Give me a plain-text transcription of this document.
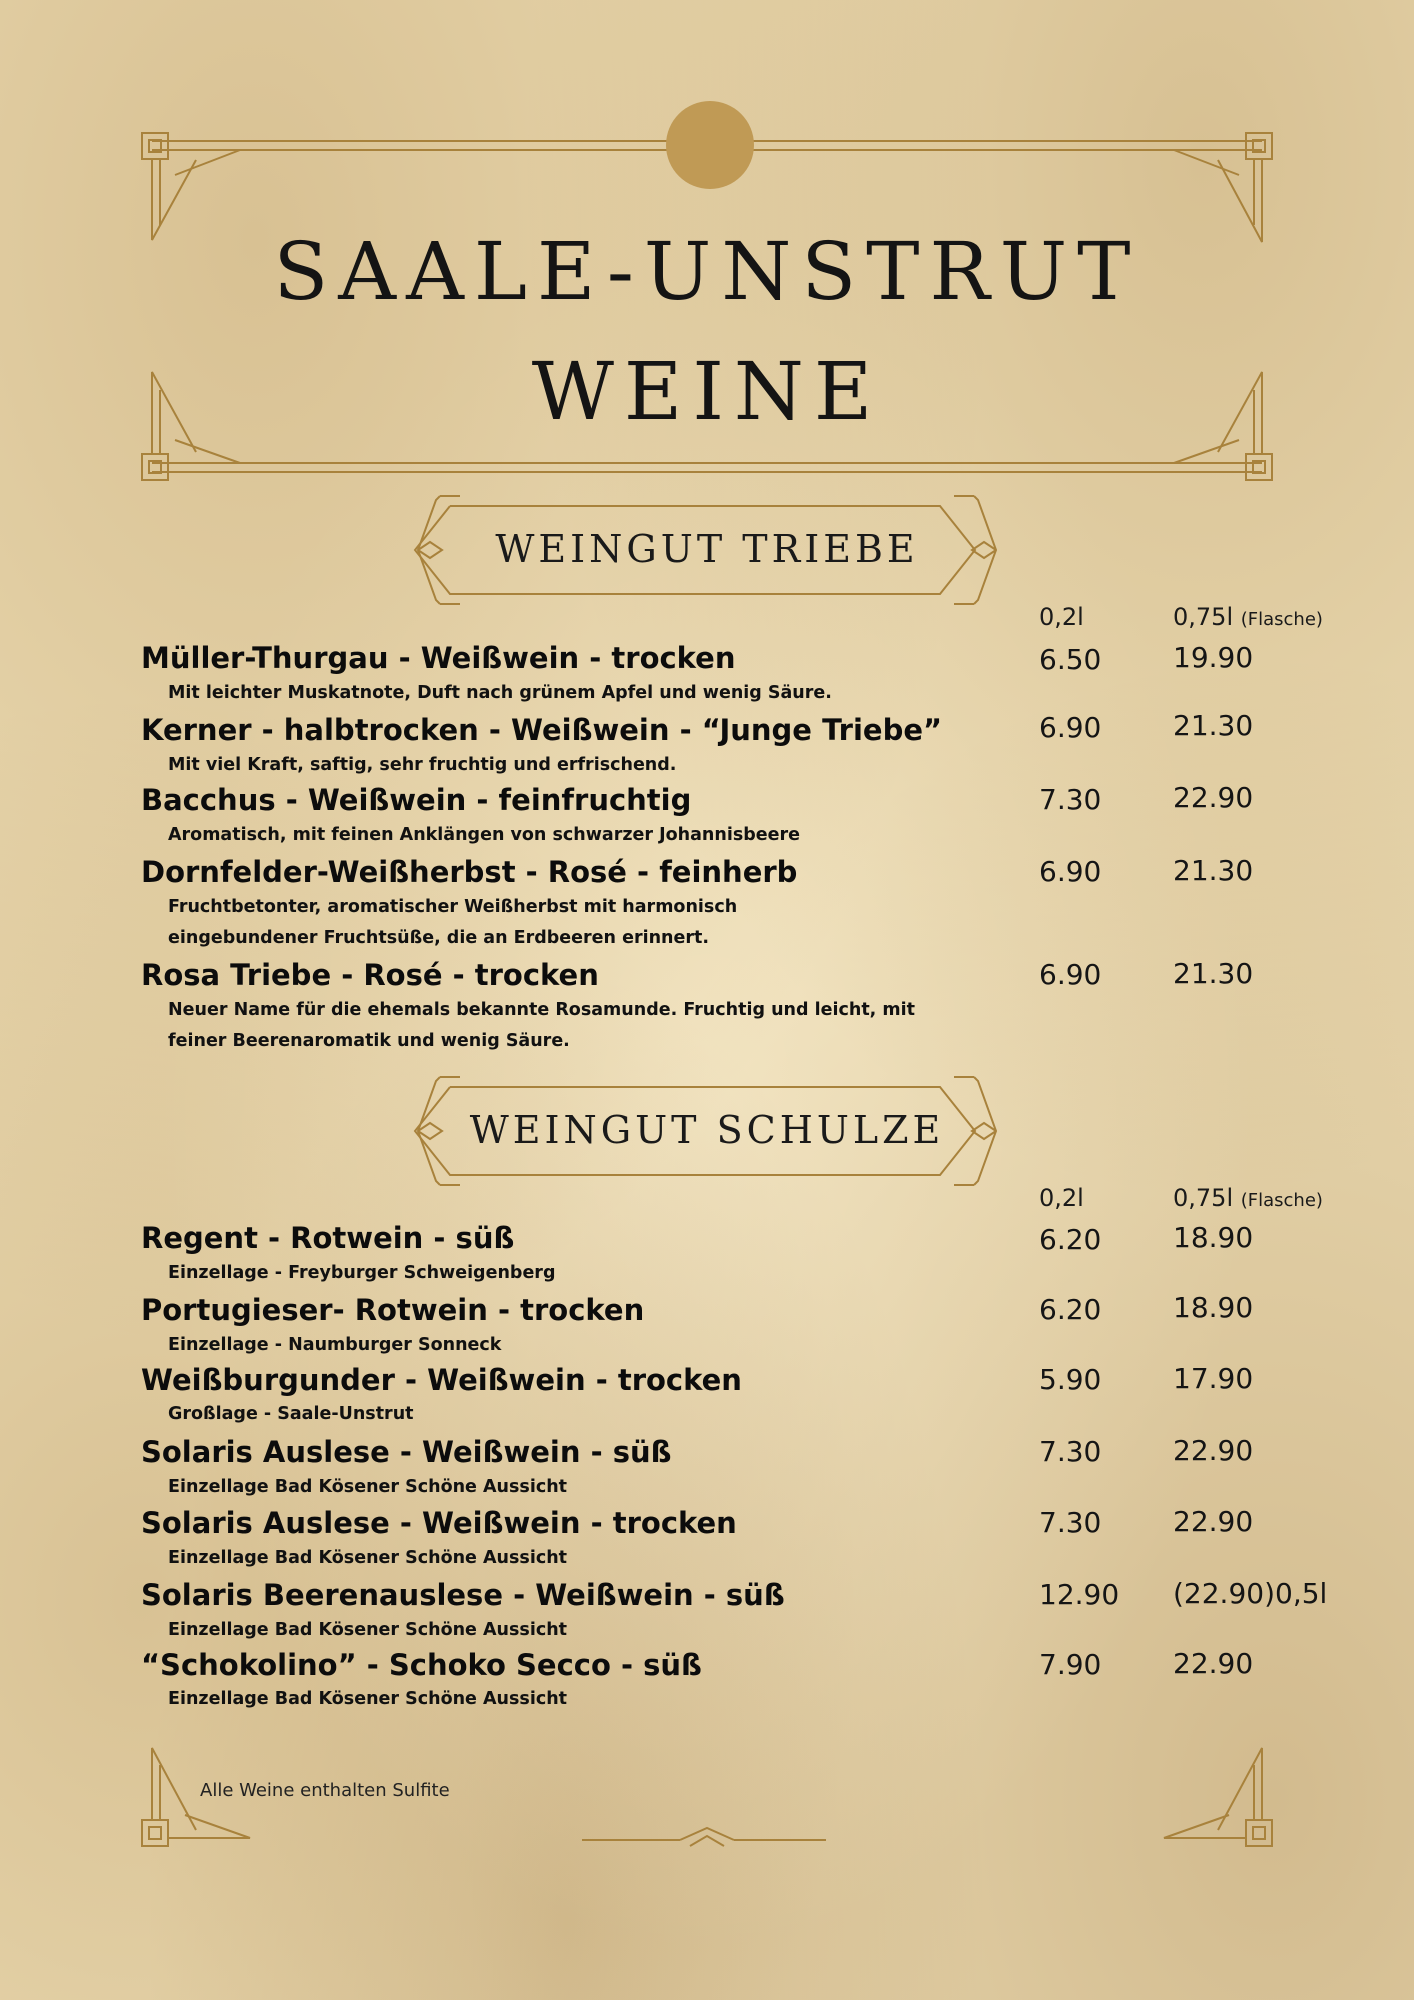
SAALE-UNSTRUT
WEINE
WEINGUT TRIEBE
0,2l	0,75l (Flasche)
Müller-Thurgau - Weißwein - trocken
Mit leichter Muskatnote, Duft nach grünem Apfel und wenig Säure.
6.50	19.90
Kerner - halbtrocken - Weißwein - “Junge Triebe”
Mit viel Kraft, saftig, sehr fruchtig und erfrischend.
6.90	21.30
Bacchus - Weißwein - feinfruchtig
Aromatisch, mit feinen Anklängen von schwarzer Johannisbeere
7.30	22.90
Dornfelder-Weißherbst - Rosé - feinherb
Fruchtbetonter, aromatischer Weißherbst mit harmonisch eingebundener Fruchtsüße, die an Erdbeeren erinnert.
6.90	21.30
Rosa Triebe - Rosé - trocken
Neuer Name für die ehemals bekannte Rosamunde. Fruchtig und leicht, mit feiner Beerenaromatik und wenig Säure.
6.90	21.30
WEINGUT SCHULZE
0,2l	0,75l (Flasche)
Regent - Rotwein - süß
Einzellage - Freyburger Schweigenberg
6.20	18.90
Portugieser- Rotwein - trocken
Einzellage - Naumburger Sonneck
6.20	18.90
Weißburgunder - Weißwein - trocken
Großlage - Saale-Unstrut
5.90	17.90
Solaris Auslese - Weißwein - süß
Einzellage Bad Kösener Schöne Aussicht
7.30	22.90
Solaris Auslese - Weißwein - trocken
Einzellage Bad Kösener Schöne Aussicht
7.30	22.90
Solaris Beerenauslese - Weißwein - süß
Einzellage Bad Kösener Schöne Aussicht
12.90 (22.90)0,5l
“Schokolino” - Schoko Secco - süß
Einzellage Bad Kösener Schöne Aussicht
7.90	22.90
Alle Weine enthalten Sulfite
